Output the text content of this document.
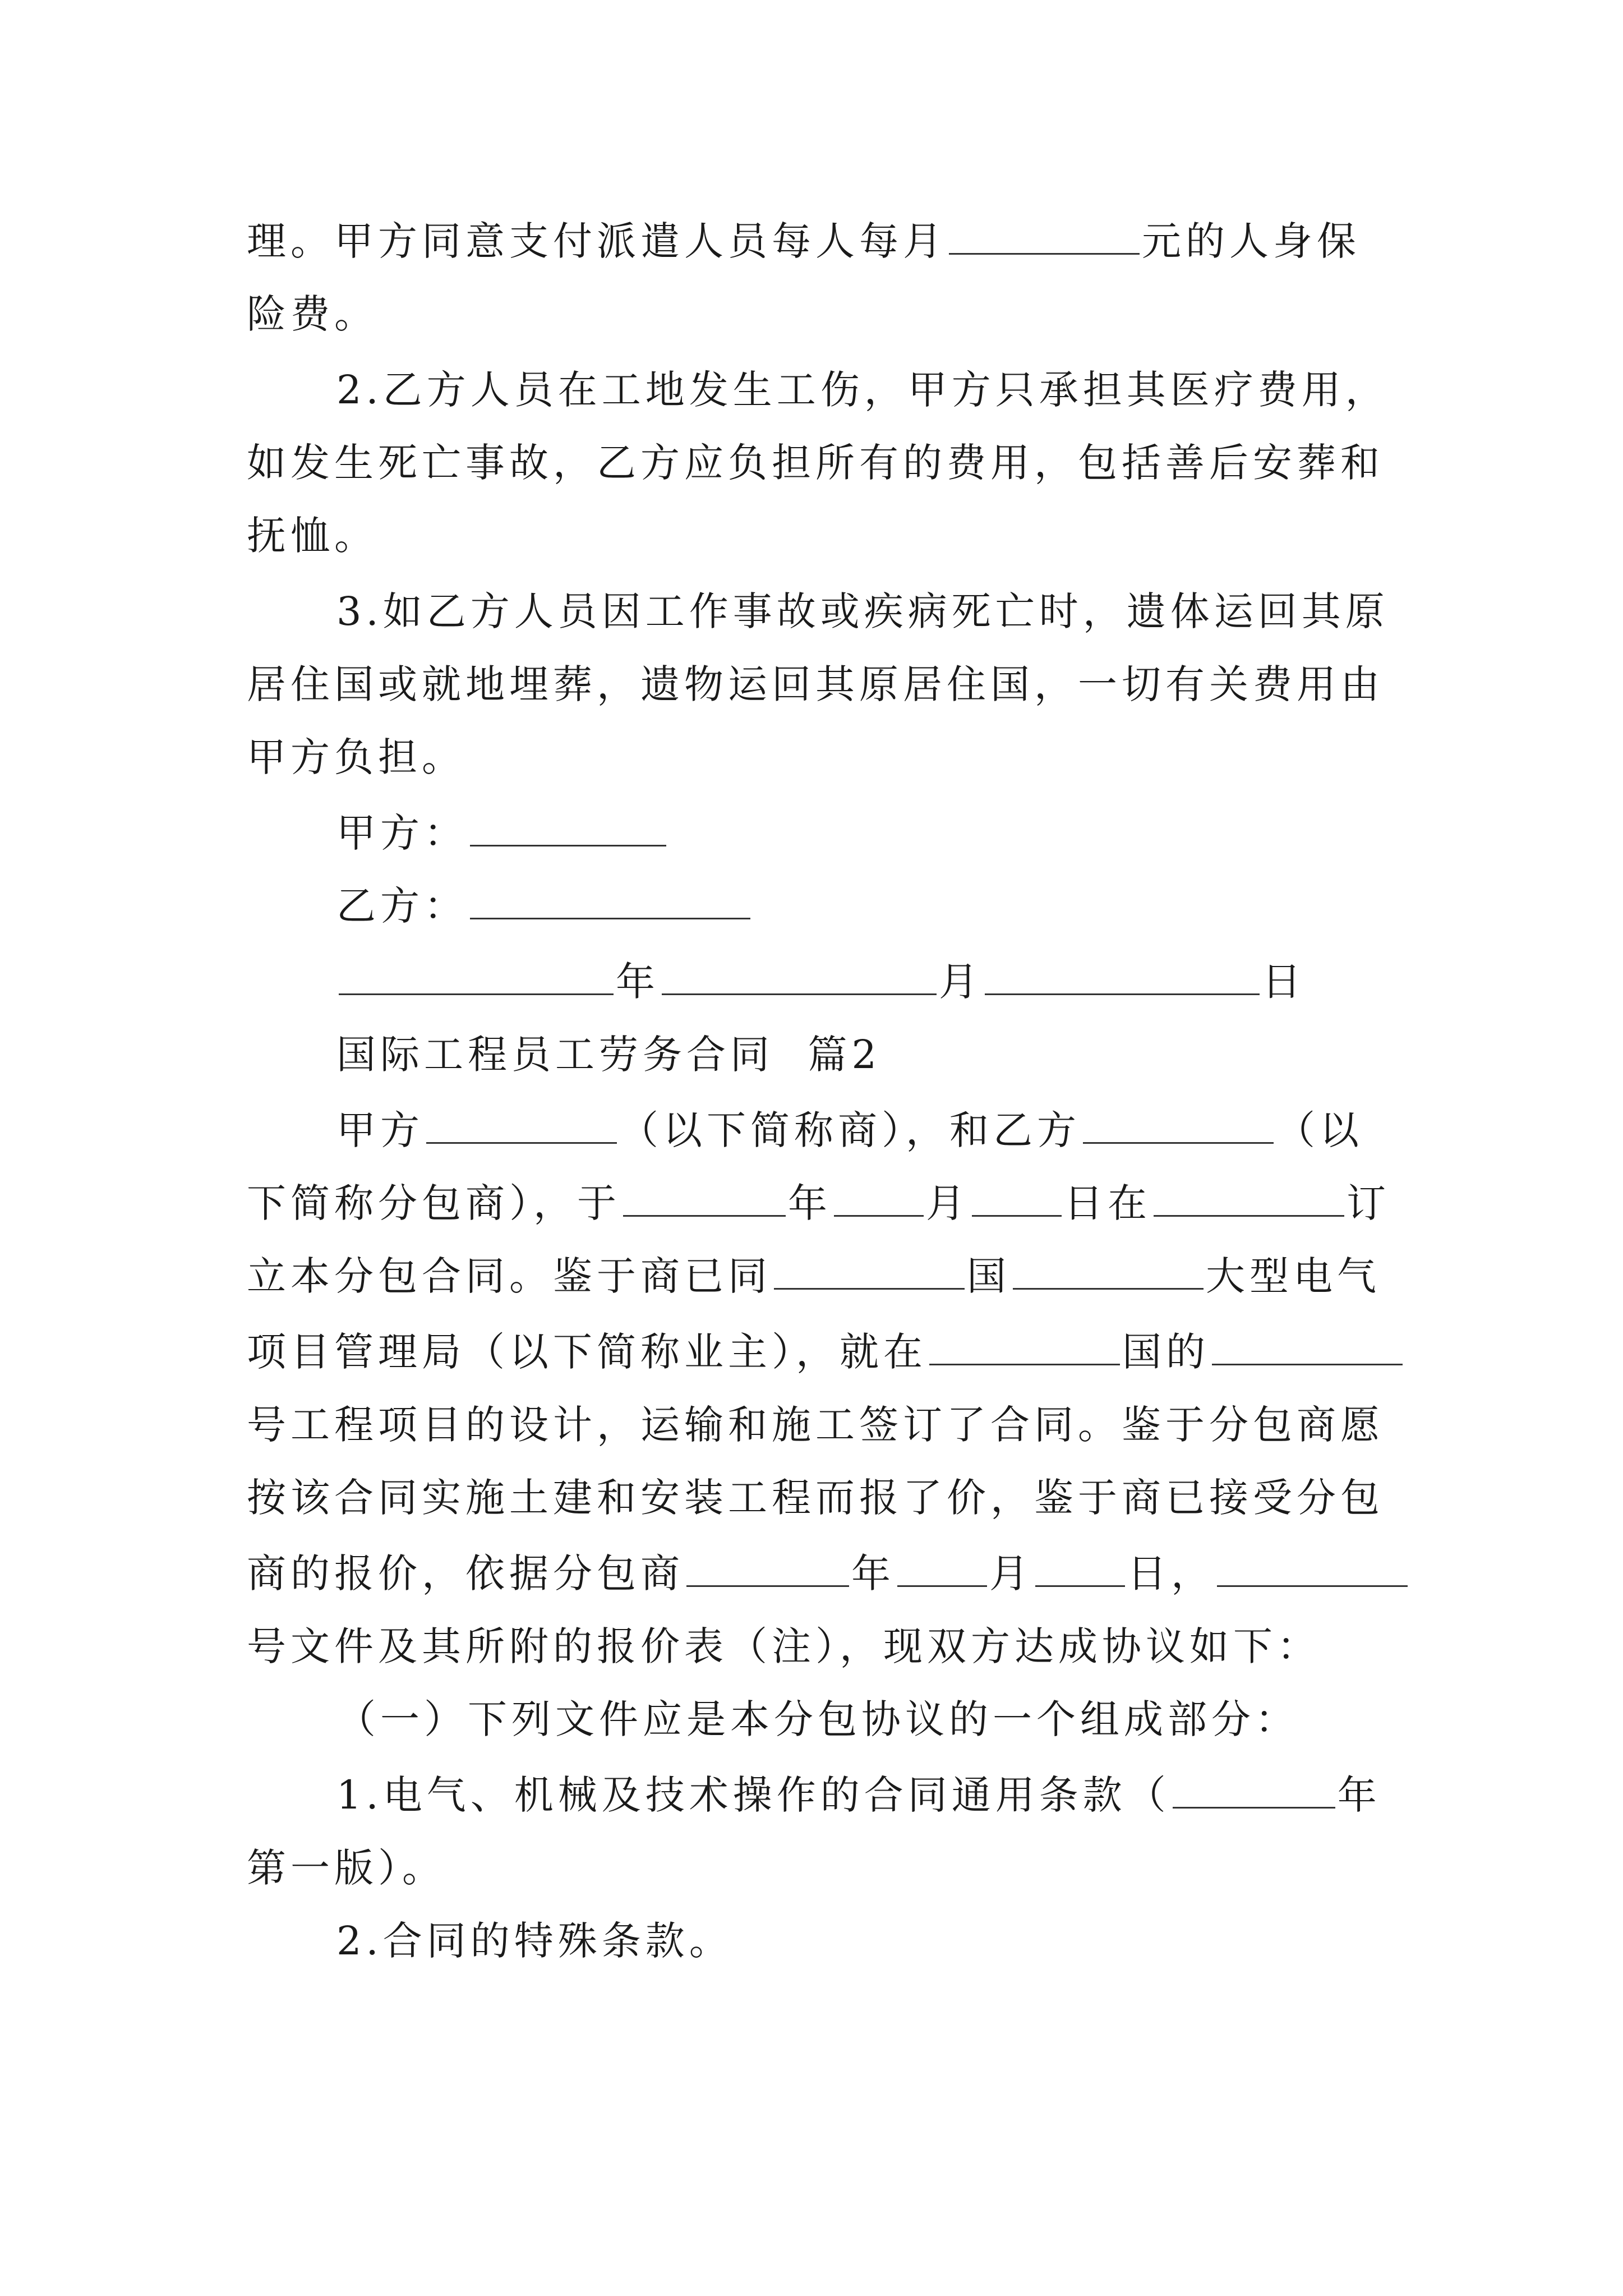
理。甲方同意支付派遣人员每人每月	元的人身保
险费。
2.乙方人员在工地发生工伤，甲方只承担其医疗费用，
如发生死亡事故，乙方应负担所有的费用，包括善后安葬和
抚恤。
3.如乙方人员因工作事故或疾病死亡时，遗体运回其原
居住国或就地埋葬，遗物运回其原居住国，一切有关费用由
甲方负担。
甲方：
乙方：
年	月	日
国际工程员工劳务合同  篇2
甲方	（以下简称商），和乙方	（以
下简称分包商），于	年 月 日在	订
立本分包合同。鉴于商已同	国	大型电气
项目管理局（以下简称业主），就在	国的
号工程项目的设计，运输和施工签订了合同。鉴于分包商愿
按该合同实施土建和安装工程而报了价，鉴于商已接受分包
商的报价，依据分包商	年 月 日，
号文件及其所附的报价表（注），现双方达成协议如下：
（一）下列文件应是本分包协议的一个组成部分：
1.电气、机械及技术操作的合同通用条款（	年
第一版）。
2.合同的特殊条款。
